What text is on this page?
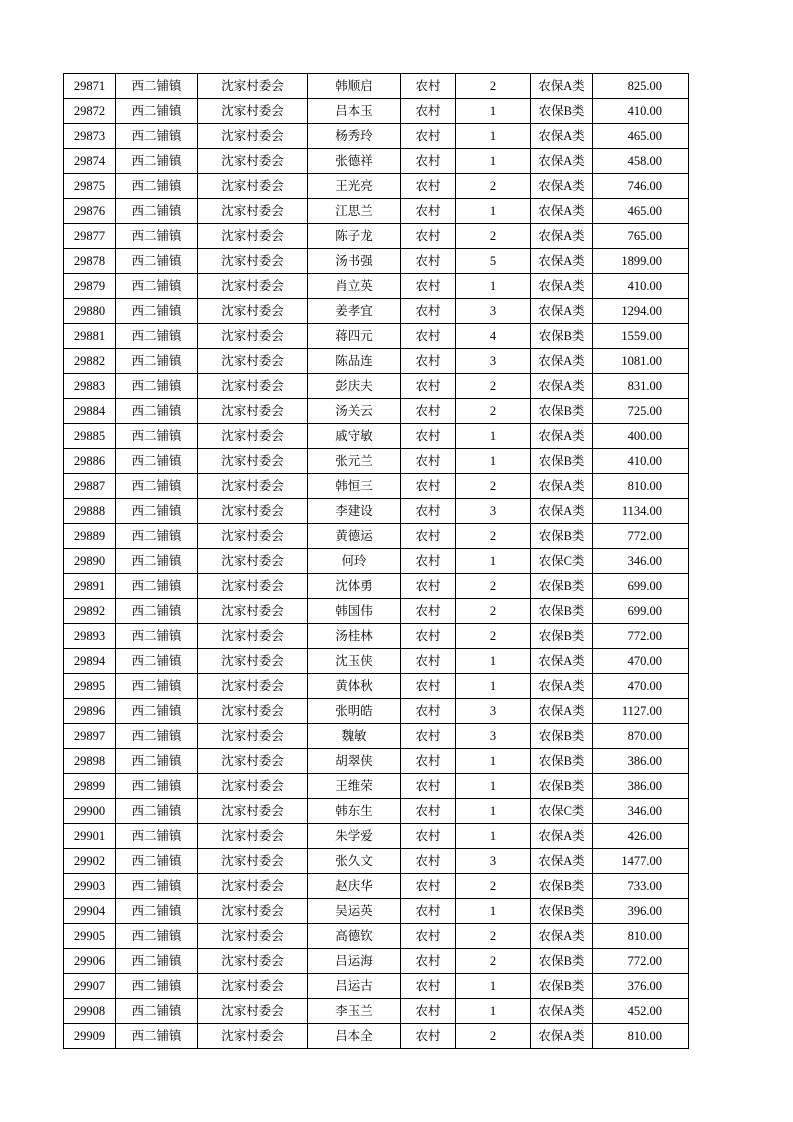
29871	西二铺镇	沈家村委会	韩顺启	农村	2	农保A类	825.00
29872	西二铺镇	沈家村委会	吕本玉	农村	1	农保B类	410.00
29873	西二铺镇	沈家村委会	杨秀玲	农村	1	农保A类	465.00
29874	西二铺镇	沈家村委会	张德祥	农村	1	农保A类	458.00
29875	西二铺镇	沈家村委会	王光亮	农村	2	农保A类	746.00
29876	西二铺镇	沈家村委会	江思兰	农村	1	农保A类	465.00
29877	西二铺镇	沈家村委会	陈子龙	农村	2	农保A类	765.00
29878	西二铺镇	沈家村委会	汤书强	农村	5	农保A类	1899.00
29879	西二铺镇	沈家村委会	肖立英	农村	1	农保A类	410.00
29880	西二铺镇	沈家村委会	姜孝宜	农村	3	农保A类	1294.00
29881	西二铺镇	沈家村委会	蒋四元	农村	4	农保B类	1559.00
29882	西二铺镇	沈家村委会	陈品连	农村	3	农保A类	1081.00
29883	西二铺镇	沈家村委会	彭庆夫	农村	2	农保A类	831.00
29884	西二铺镇	沈家村委会	汤关云	农村	2	农保B类	725.00
29885	西二铺镇	沈家村委会	戚守敏	农村	1	农保A类	400.00
29886	西二铺镇	沈家村委会	张元兰	农村	1	农保B类	410.00
29887	西二铺镇	沈家村委会	韩恒三	农村	2	农保A类	810.00
29888	西二铺镇	沈家村委会	李建设	农村	3	农保A类	1134.00
29889	西二铺镇	沈家村委会	黄德运	农村	2	农保B类	772.00
29890	西二铺镇	沈家村委会	何玲	农村	1	农保C类	346.00
29891	西二铺镇	沈家村委会	沈体勇	农村	2	农保B类	699.00
29892	西二铺镇	沈家村委会	韩国伟	农村	2	农保B类	699.00
29893	西二铺镇	沈家村委会	汤桂林	农村	2	农保B类	772.00
29894	西二铺镇	沈家村委会	沈玉侠	农村	1	农保A类	470.00
29895	西二铺镇	沈家村委会	黄体秋	农村	1	农保A类	470.00
29896	西二铺镇	沈家村委会	张明皓	农村	3	农保A类	1127.00
29897	西二铺镇	沈家村委会	魏敏	农村	3	农保B类	870.00
29898	西二铺镇	沈家村委会	胡翠侠	农村	1	农保B类	386.00
29899	西二铺镇	沈家村委会	王维荣	农村	1	农保B类	386.00
29900	西二铺镇	沈家村委会	韩东生	农村	1	农保C类	346.00
29901	西二铺镇	沈家村委会	朱学爱	农村	1	农保A类	426.00
29902	西二铺镇	沈家村委会	张久文	农村	3	农保A类	1477.00
29903	西二铺镇	沈家村委会	赵庆华	农村	2	农保B类	733.00
29904	西二铺镇	沈家村委会	吴运英	农村	1	农保B类	396.00
29905	西二铺镇	沈家村委会	高德钦	农村	2	农保A类	810.00
29906	西二铺镇	沈家村委会	吕运海	农村	2	农保B类	772.00
29907	西二铺镇	沈家村委会	吕运古	农村	1	农保B类	376.00
29908	西二铺镇	沈家村委会	李玉兰	农村	1	农保A类	452.00
29909	西二铺镇	沈家村委会	吕本全	农村	2	农保A类	810.00
